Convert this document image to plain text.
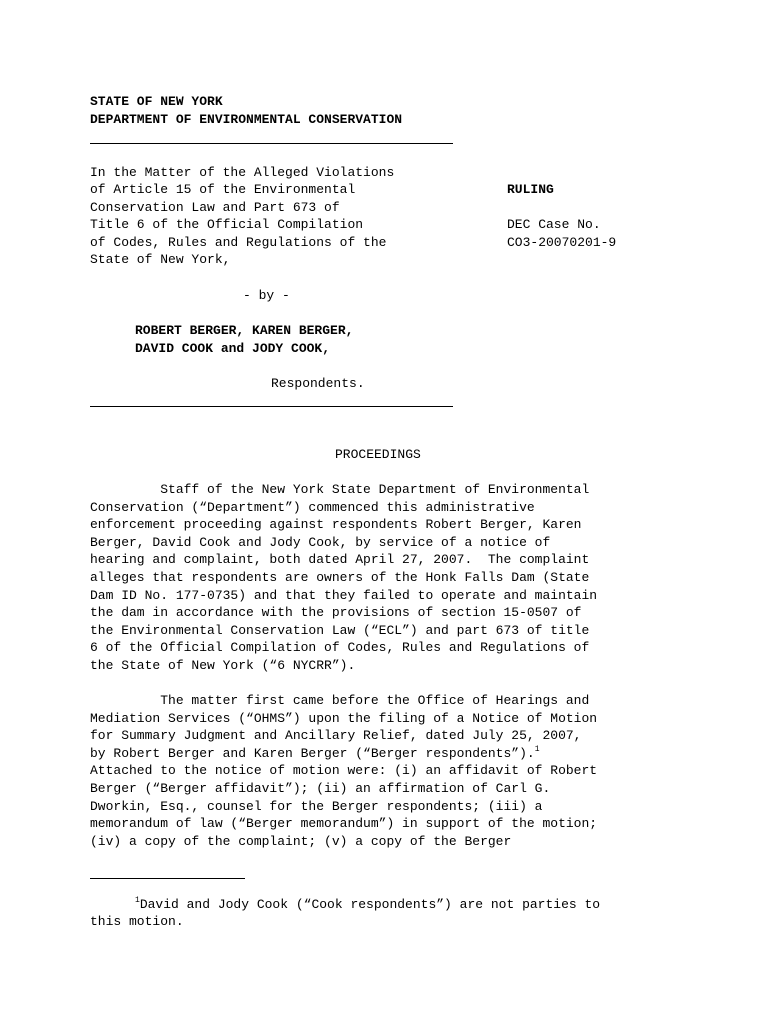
STATE OF NEW YORK
DEPARTMENT OF ENVIRONMENTAL CONSERVATION
In the Matter of the Alleged Violations
of Article 15 of the Environmental
Conservation Law and Part 673 of
Title 6 of the Official Compilation
of Codes, Rules and Regulations of the
State of New York,
- by -
ROBERT BERGER, KAREN BERGER,
DAVID COOK and JODY COOK,
Respondents.
RULING
DEC Case No.
CO3-20070201-9
PROCEEDINGS
Staff of the New York State Department of Environmental
Conservation (“Department”) commenced this administrative
enforcement proceeding against respondents Robert Berger, Karen
Berger, David Cook and Jody Cook, by service of a notice of
hearing and complaint, both dated April 27, 2007.  The complaint
alleges that respondents are owners of the Honk Falls Dam (State
Dam ID No. 177-0735) and that they failed to operate and maintain
the dam in accordance with the provisions of section 15-0507 of
the Environmental Conservation Law (“ECL”) and part 673 of title
6 of the Official Compilation of Codes, Rules and Regulations of
the State of New York (“6 NYCRR”).
The matter first came before the Office of Hearings and
Mediation Services (“OHMS”) upon the filing of a Notice of Motion
for Summary Judgment and Ancillary Relief, dated July 25, 2007,
by Robert Berger and Karen Berger (“Berger respondents”).$^1$
Attached to the notice of motion were: (i) an affidavit of Robert
Berger (“Berger affidavit”); (ii) an affirmation of Carl G.
Dworkin, Esq., counsel for the Berger respondents; (iii) a
memorandum of law (“Berger memorandum”) in support of the motion;
(iv) a copy of the complaint; (v) a copy of the Berger
$^1$David and Jody Cook (“Cook respondents”) are not parties to
this motion.
